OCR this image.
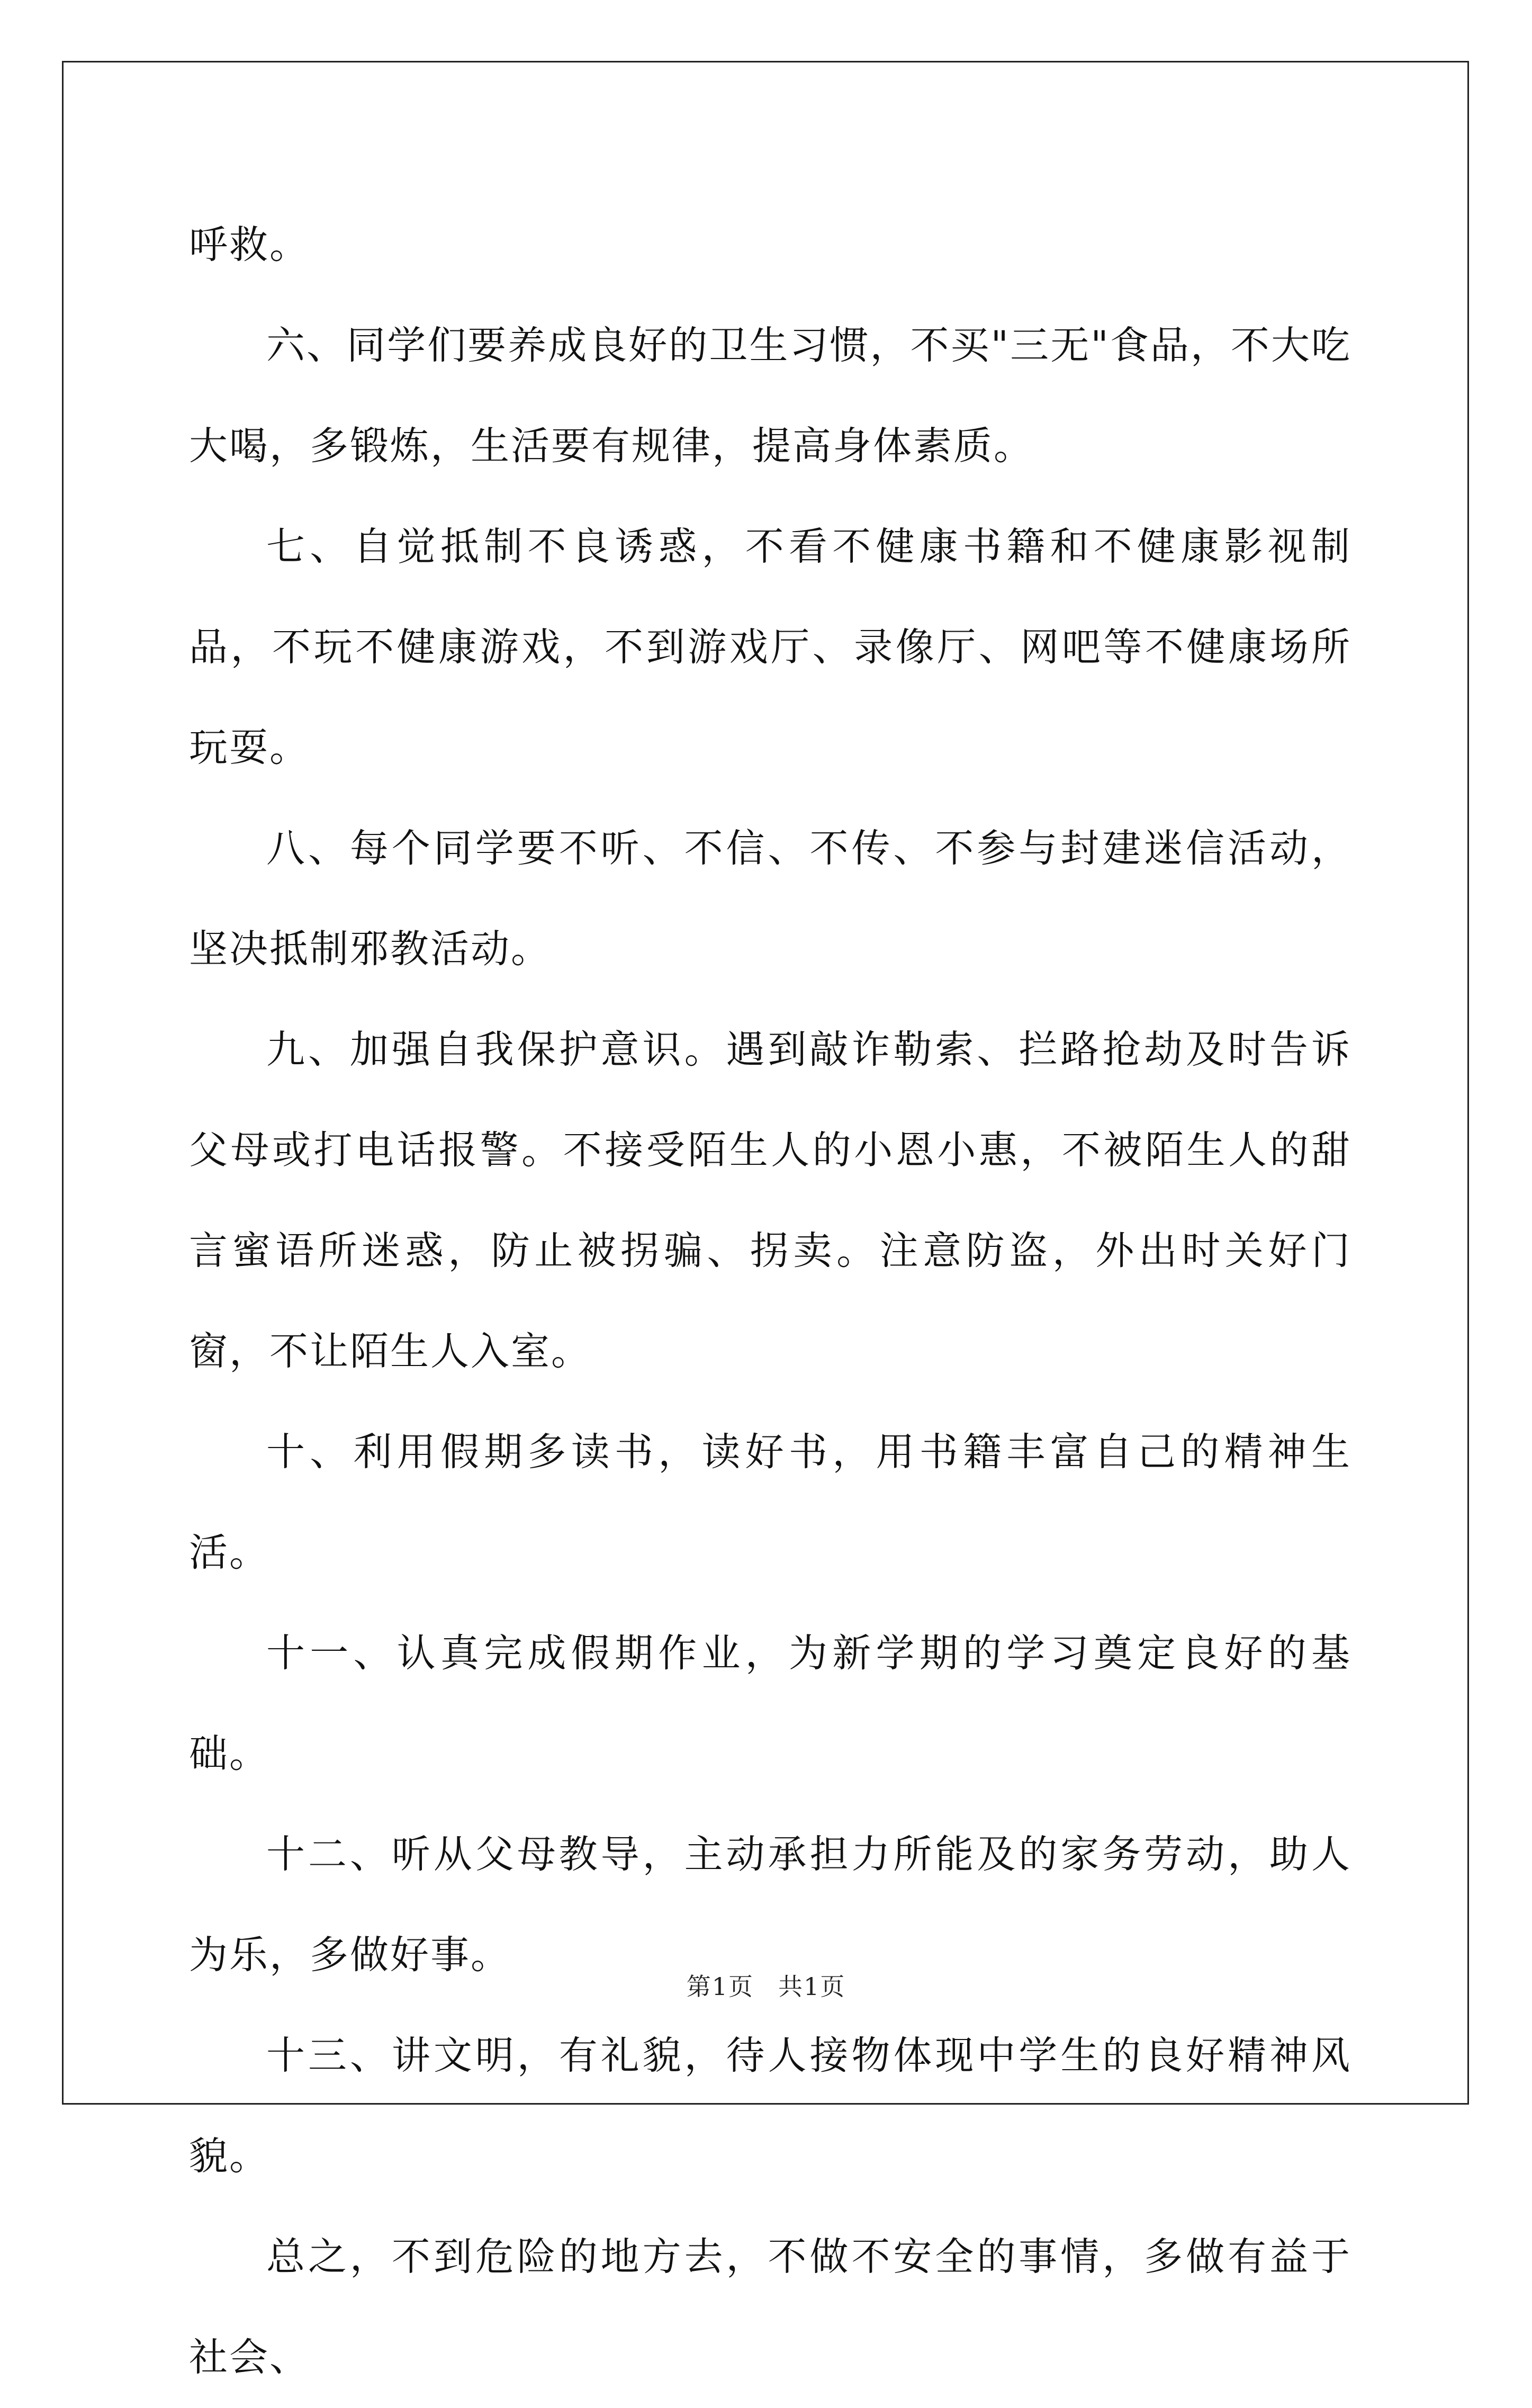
呼救。

六、同学们要养成良好的卫生习惯，不买"三无"食品，不大吃大喝，多锻炼，生活要有规律，提高身体素质。

七、自觉抵制不良诱惑，不看不健康书籍和不健康影视制品，不玩不健康游戏，不到游戏厅、录像厅、网吧等不健康场所玩耍。

八、每个同学要不听、不信、不传、不参与封建迷信活动，坚决抵制邪教活动。

九、加强自我保护意识。遇到敲诈勒索、拦路抢劫及时告诉父母或打电话报警。不接受陌生人的小恩小惠，不被陌生人的甜言蜜语所迷惑，防止被拐骗、拐卖。注意防盗，外出时关好门窗，不让陌生人入室。

十、利用假期多读书，读好书，用书籍丰富自己的精神生活。

十一、认真完成假期作业，为新学期的学习奠定良好的基础。

十二、听从父母教导，主动承担力所能及的家务劳动，助人为乐，多做好事。

十三、讲文明，有礼貌，待人接物体现中学生的良好精神风貌。

总之，不到危险的地方去，不做不安全的事情，多做有益于社会、

第1页 共1页
